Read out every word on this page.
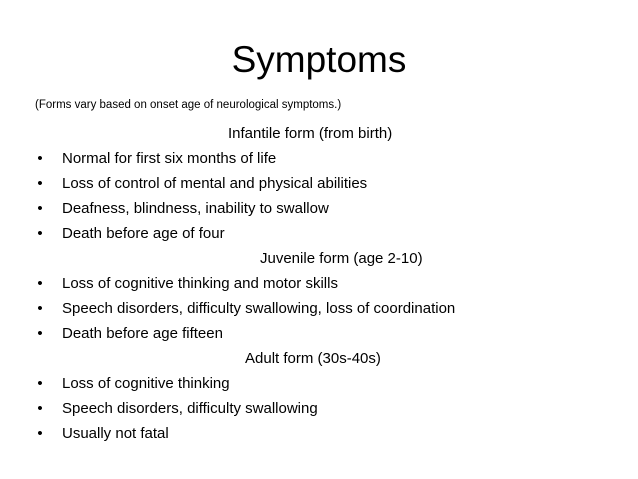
Symptoms

(Forms vary based on onset age of neurological symptoms.)

Infantile form (from birth)
• Normal for first six months of life
• Loss of control of mental and physical abilities
• Deafness, blindness, inability to swallow
• Death before age of four
Juvenile form (age 2-10)
• Loss of cognitive thinking and motor skills
• Speech disorders, difficulty swallowing, loss of coordination
• Death before age fifteen
Adult form (30s-40s)
• Loss of cognitive thinking
• Speech disorders, difficulty swallowing
• Usually not fatal
